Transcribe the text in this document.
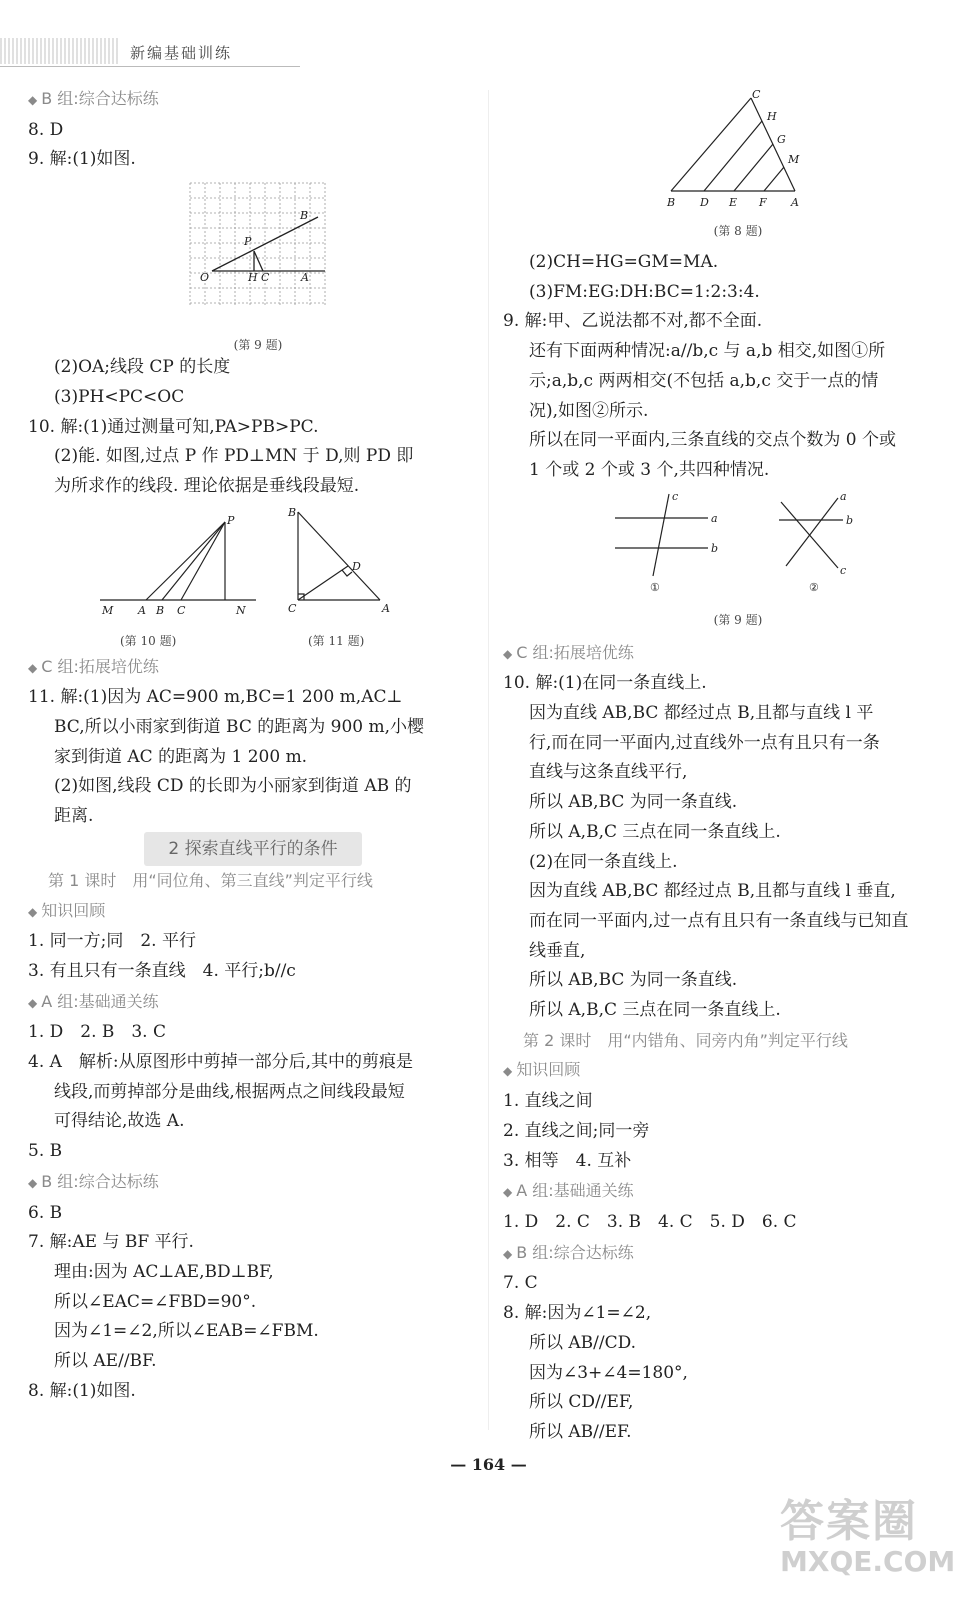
新编基础训练
◆ B 组:综合达标练
8. D
9. 解:(1)如图.
O
P
C
H	A
B
(第 9 题)
(2)OA;线段 CP 的长度
(3)PH<PC<OC
10. 解:(1)通过测量可知,PA>PB>PC.
(2)能. 如图,过点 P 作 PD⊥MN 于 D,则 PD 即
为所求作的线段. 理论依据是垂线段最短.
M A B C	N
P
B
C	A
D
(第 10 题)	(第 11 题)
◆ C 组:拓展培优练
11. 解:(1)因为 AC=900 m,BC=1 200 m,AC⊥
BC,所以小雨家到街道 BC 的距离为 900 m,小樱
家到街道 AC 的距离为 1 200 m.
(2)如图,线段 CD 的长即为小丽家到街道 AB 的
距离.
2 探索直线平行的条件
第 1 课时　用“同位角、第三直线”判定平行线
◆ 知识回顾
1. 同一方;同　2. 平行
3. 有且只有一条直线　4. 平行;b//c
◆ A 组:基础通关练
1. D　2. B　3. C
4. A　解析:从原图形中剪掉一部分后,其中的剪痕是
线段,而剪掉部分是曲线,根据两点之间线段最短
可得结论,故选 A.
5. B
◆ B 组:综合达标练
6. B
7. 解:AE 与 BF 平行.
理由:因为 AC⊥AE,BD⊥BF,
所以∠EAC=∠FBD=90°.
因为∠1=∠2,所以∠EAB=∠FBM.
所以 AE//BF.
8. 解:(1)如图.
B D E F A
C
H
G
M
(第 8 题)
(2)CH=HG=GM=MA.
(3)FM:EG:DH:BC=1:2:3:4.
9. 解:甲、乙说法都不对,都不全面.
还有下面两种情况:a//b,c 与 a,b 相交,如图①所
示;a,b,c 两两相交(不包括 a,b,c 交于一点的情
况),如图②所示.
所以在同一平面内,三条直线的交点个数为 0 个或
1 个或 2 个或 3 个,共四种情况.
c
a
b
a
b
c
①	②
(第 9 题)
◆ C 组:拓展培优练
10. 解:(1)在同一条直线上.
因为直线 AB,BC 都经过点 B,且都与直线 l 平
行,而在同一平面内,过直线外一点有且只有一条
直线与这条直线平行,
所以 AB,BC 为同一条直线.
所以 A,B,C 三点在同一条直线上.
(2)在同一条直线上.
因为直线 AB,BC 都经过点 B,且都与直线 l 垂直,
而在同一平面内,过一点有且只有一条直线与已知直
线垂直,
所以 AB,BC 为同一条直线.
所以 A,B,C 三点在同一条直线上.
第 2 课时　用“内错角、同旁内角”判定平行线
◆ 知识回顾
1. 直线之间
2. 直线之间;同一旁
3. 相等　4. 互补
◆ A 组:基础通关练
1. D　2. C　3. B　4. C　5. D　6. C
◆ B 组:综合达标练
7. C
8. 解:因为∠1=∠2,
所以 AB//CD.
因为∠3+∠4=180°,
所以 CD//EF,
所以 AB//EF.
— 164 —
答案圈
MXQE.COM
